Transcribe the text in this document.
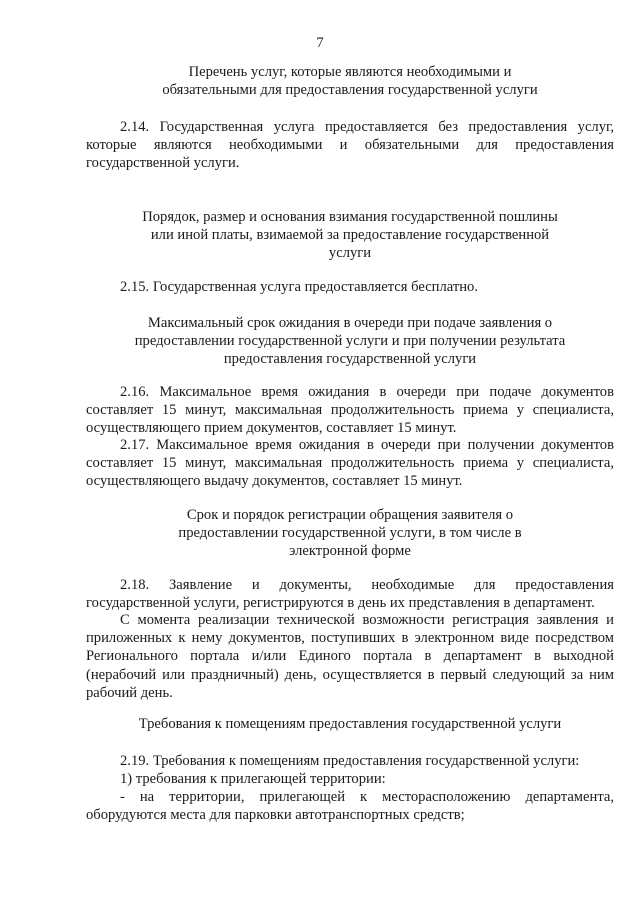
7
Перечень услуг, которые являются необходимыми и
обязательными для предоставления государственной услуги
2.14. Государственная услуга предоставляется без предоставления услуг, которые являются необходимыми и обязательными для предоставления государственной услуги.
Порядок, размер и основания взимания государственной пошлины
или иной платы, взимаемой за предоставление государственной
услуги
2.15. Государственная услуга предоставляется бесплатно.
Максимальный срок ожидания в очереди при подаче заявления о
предоставлении государственной услуги и при получении результата
предоставления государственной услуги
2.16. Максимальное время ожидания в очереди при подаче документов составляет 15 минут, максимальная продолжительность приема у специалиста, осуществляющего прием документов, составляет 15 минут.
2.17. Максимальное время ожидания в очереди при получении документов составляет 15 минут, максимальная продолжительность приема у специалиста, осуществляющего выдачу документов, составляет 15 минут.
Срок и порядок регистрации обращения заявителя о
предоставлении государственной услуги, в том числе в
электронной форме
2.18. Заявление и документы, необходимые для предоставления государственной услуги, регистрируются в день их представления в департамент.
С момента реализации технической возможности регистрация заявления и приложенных к нему документов, поступивших в электронном виде посредством Регионального портала и/или Единого портала в департамент в выходной (нерабочий или праздничный) день, осуществляется в первый следующий за ним рабочий день.
Требования к помещениям предоставления государственной услуги
2.19. Требования к помещениям предоставления государственной услуги:
1) требования к прилегающей территории:
- на территории, прилегающей к месторасположению департамента, оборудуются места для парковки автотранспортных средств;
